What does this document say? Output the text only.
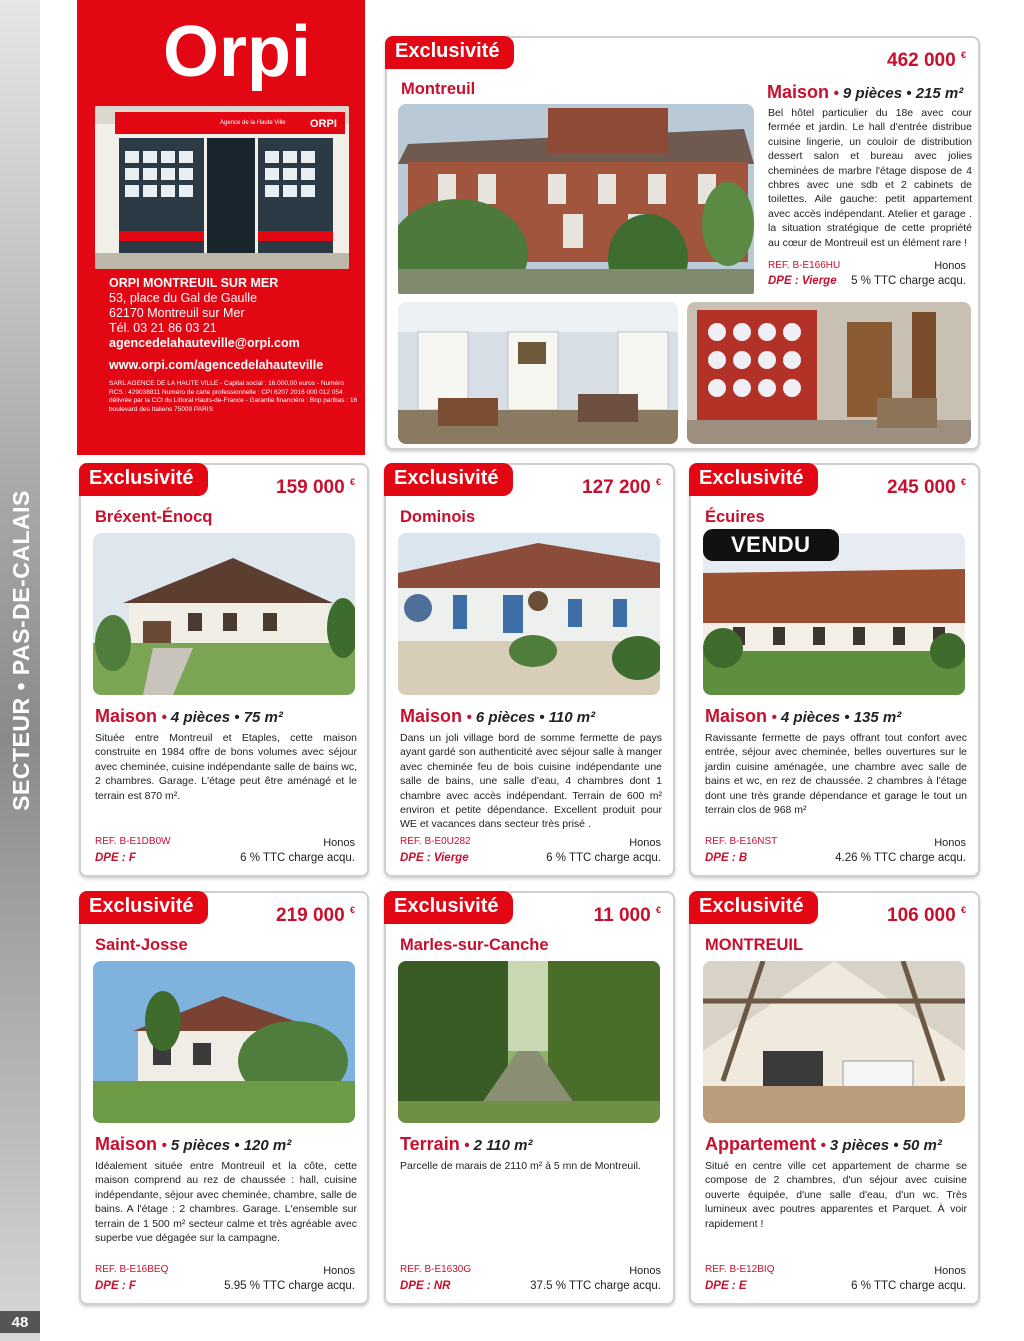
SECTEUR • PAS-DE-CALAIS
48
Orpi
Agence de la Haute Ville ORPI
ORPI MONTREUIL SUR MER
53, place du Gal de Gaulle
62170 Montreuil sur Mer
Tél. 03 21 86 03 21
agencedelahauteville@orpi.com
www.orpi.com/agencedelahauteville
SARL AGENCE DE LA HAUTE VILLE - Capital social : 16.000,00 euros - Numéro RCS : 429038811 Numéro de carte professionnelle : CPI 6207 2016 000 012 054 délivrée par la CCI du Littoral Hauts-de-France - Garantie financière : Bnp paribas : 16 boulevard des Italiens 75009 PARIS
Exclusivité	462 000 €
Montreuil	Maison • 9 pièces • 215 m²
Bel hôtel particulier du 18e avec cour fermée et jardin. Le hall d'entrée distribue cuisine lingerie, un couloir de distribution dessert salon et bureau avec jolies cheminées de marbre l'étage dispose de 4 chbres avec une sdb et 2 cabinets de toilettes. Aile gauche: petit appartement avec accès indépendant. Atelier et garage . la situation stratégique de cette propriété au cœur de Montreuil est un élément rare !
REF. B-E166HU	Honos
DPE : Vierge 5 % TTC charge acqu.
Exclusivité	159 000 €
Bréxent-Énocq
Maison • 4 pièces • 75 m²
Située entre Montreuil et Etaples, cette maison construite en 1984 offre de bons volumes avec séjour avec cheminée, cuisine indépendante salle de bains wc, 2 chambres. Garage. L'étage peut être aménagé et le terrain est 870 m².
REF. B-E1DB0W	Honos
DPE : F	6 % TTC charge acqu.
Exclusivité	127 200 €
Dominois
Maison • 6 pièces • 110 m²
Dans un joli village bord de somme fermette de pays ayant gardé son authenticité avec séjour salle à manger avec cheminée feu de bois cuisine indépendante une salle de bains, une salle d'eau, 4 chambres dont 1 chambre avec accès indépendant. Terrain de 600 m² environ et petite dépendance. Excellent produit pour WE et vacances dans secteur très prisé .
REF. B-E0U282	Honos
DPE : Vierge	6 % TTC charge acqu.
Exclusivité	245 000 €
Écuires
VENDU
Maison • 4 pièces • 135 m²
Ravissante fermette de pays offrant tout confort avec entrée, séjour avec cheminée, belles ouvertures sur le jardin cuisine aménagée, une chambre avec salle de bains et wc, en rez de chaussée. 2 chambres à l'étage dont une très grande dépendance et garage le tout un terrain clos de 968 m²
REF. B-E16NST	Honos
DPE : B	4.26 % TTC charge acqu.
Exclusivité	219 000 €
Saint-Josse
Maison • 5 pièces • 120 m²
Idéalement située entre Montreuil et la côte, cette maison comprend au rez de chaussée : hall, cuisine indépendante, séjour avec cheminée, chambre, salle de bains. A l'étage : 2 chambres. Garage. L'ensemble sur terrain de 1 500 m² secteur calme et très agréable avec superbe vue dégagée sur la campagne.
REF. B-E16BEQ	Honos
DPE : F	5.95 % TTC charge acqu.
Exclusivité	11 000 €
Marles-sur-Canche
Terrain • 2 110 m²
Parcelle de marais de 2110 m² à 5 mn de Montreuil.
REF. B-E1630G	Honos
DPE : NR	37.5 % TTC charge acqu.
Exclusivité	106 000 €
MONTREUIL
Appartement • 3 pièces • 50 m²
Situé en centre ville cet appartement de charme se compose de 2 chambres, d'un séjour avec cuisine ouverte équipée, d'une salle d'eau, d'un wc. Très lumineux avec poutres apparentes et Parquet. À voir rapidement !
REF. B-E12BIQ	Honos
DPE : E	6 % TTC charge acqu.
